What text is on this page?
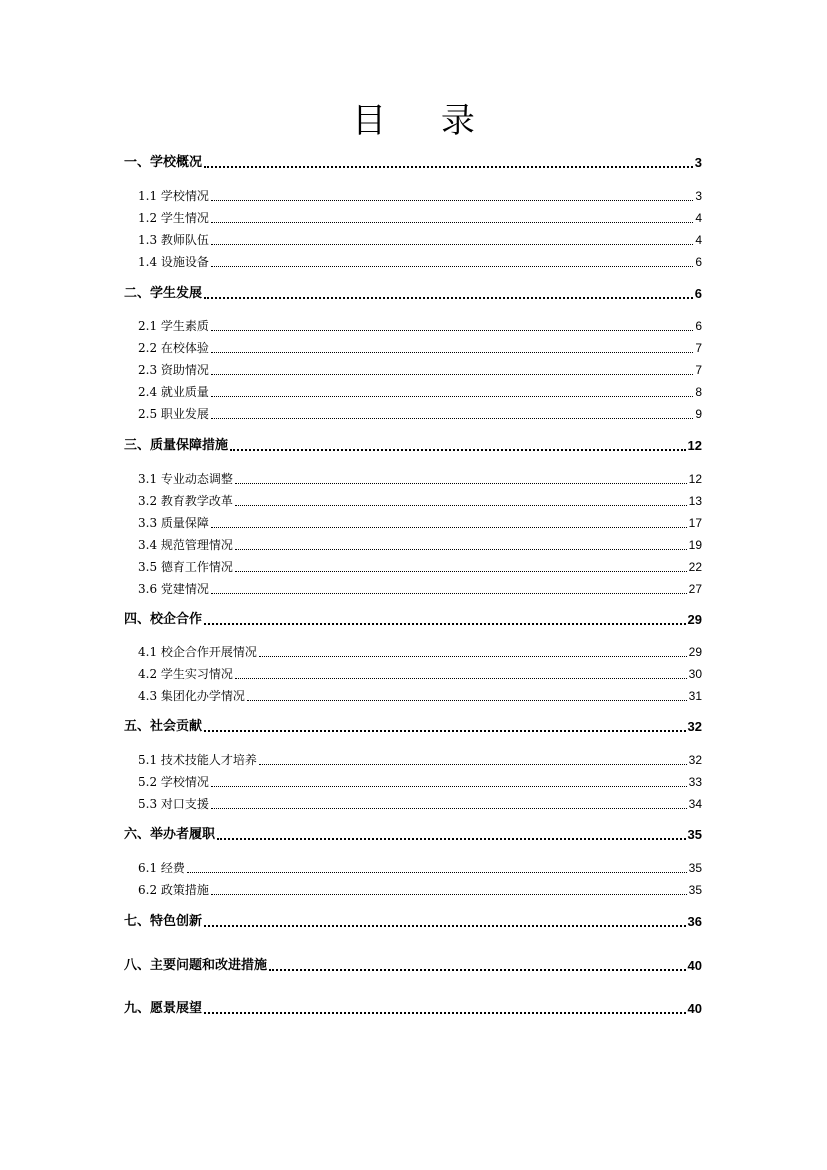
目 录
一、学校概况	3
1.1 学校情况	3
1.2 学生情况	4
1.3 教师队伍	4
1.4 设施设备	6
二、学生发展	6
2.1 学生素质	6
2.2 在校体验	7
2.3 资助情况	7
2.4 就业质量	8
2.5 职业发展	9
三、质量保障措施	12
3.1 专业动态调整	12
3.2 教育教学改革	13
3.3 质量保障	17
3.4 规范管理情况	19
3.5 德育工作情况	22
3.6 党建情况	27
四、校企合作	29
4.1 校企合作开展情况	29
4.2 学生实习情况	30
4.3 集团化办学情况	31
五、社会贡献	32
5.1 技术技能人才培养	32
5.2 学校情况	33
5.3 对口支援	34
六、举办者履职	35
6.1 经费	35
6.2 政策措施	35
七、特色创新	36
八、主要问题和改进措施	40
九、愿景展望	40
